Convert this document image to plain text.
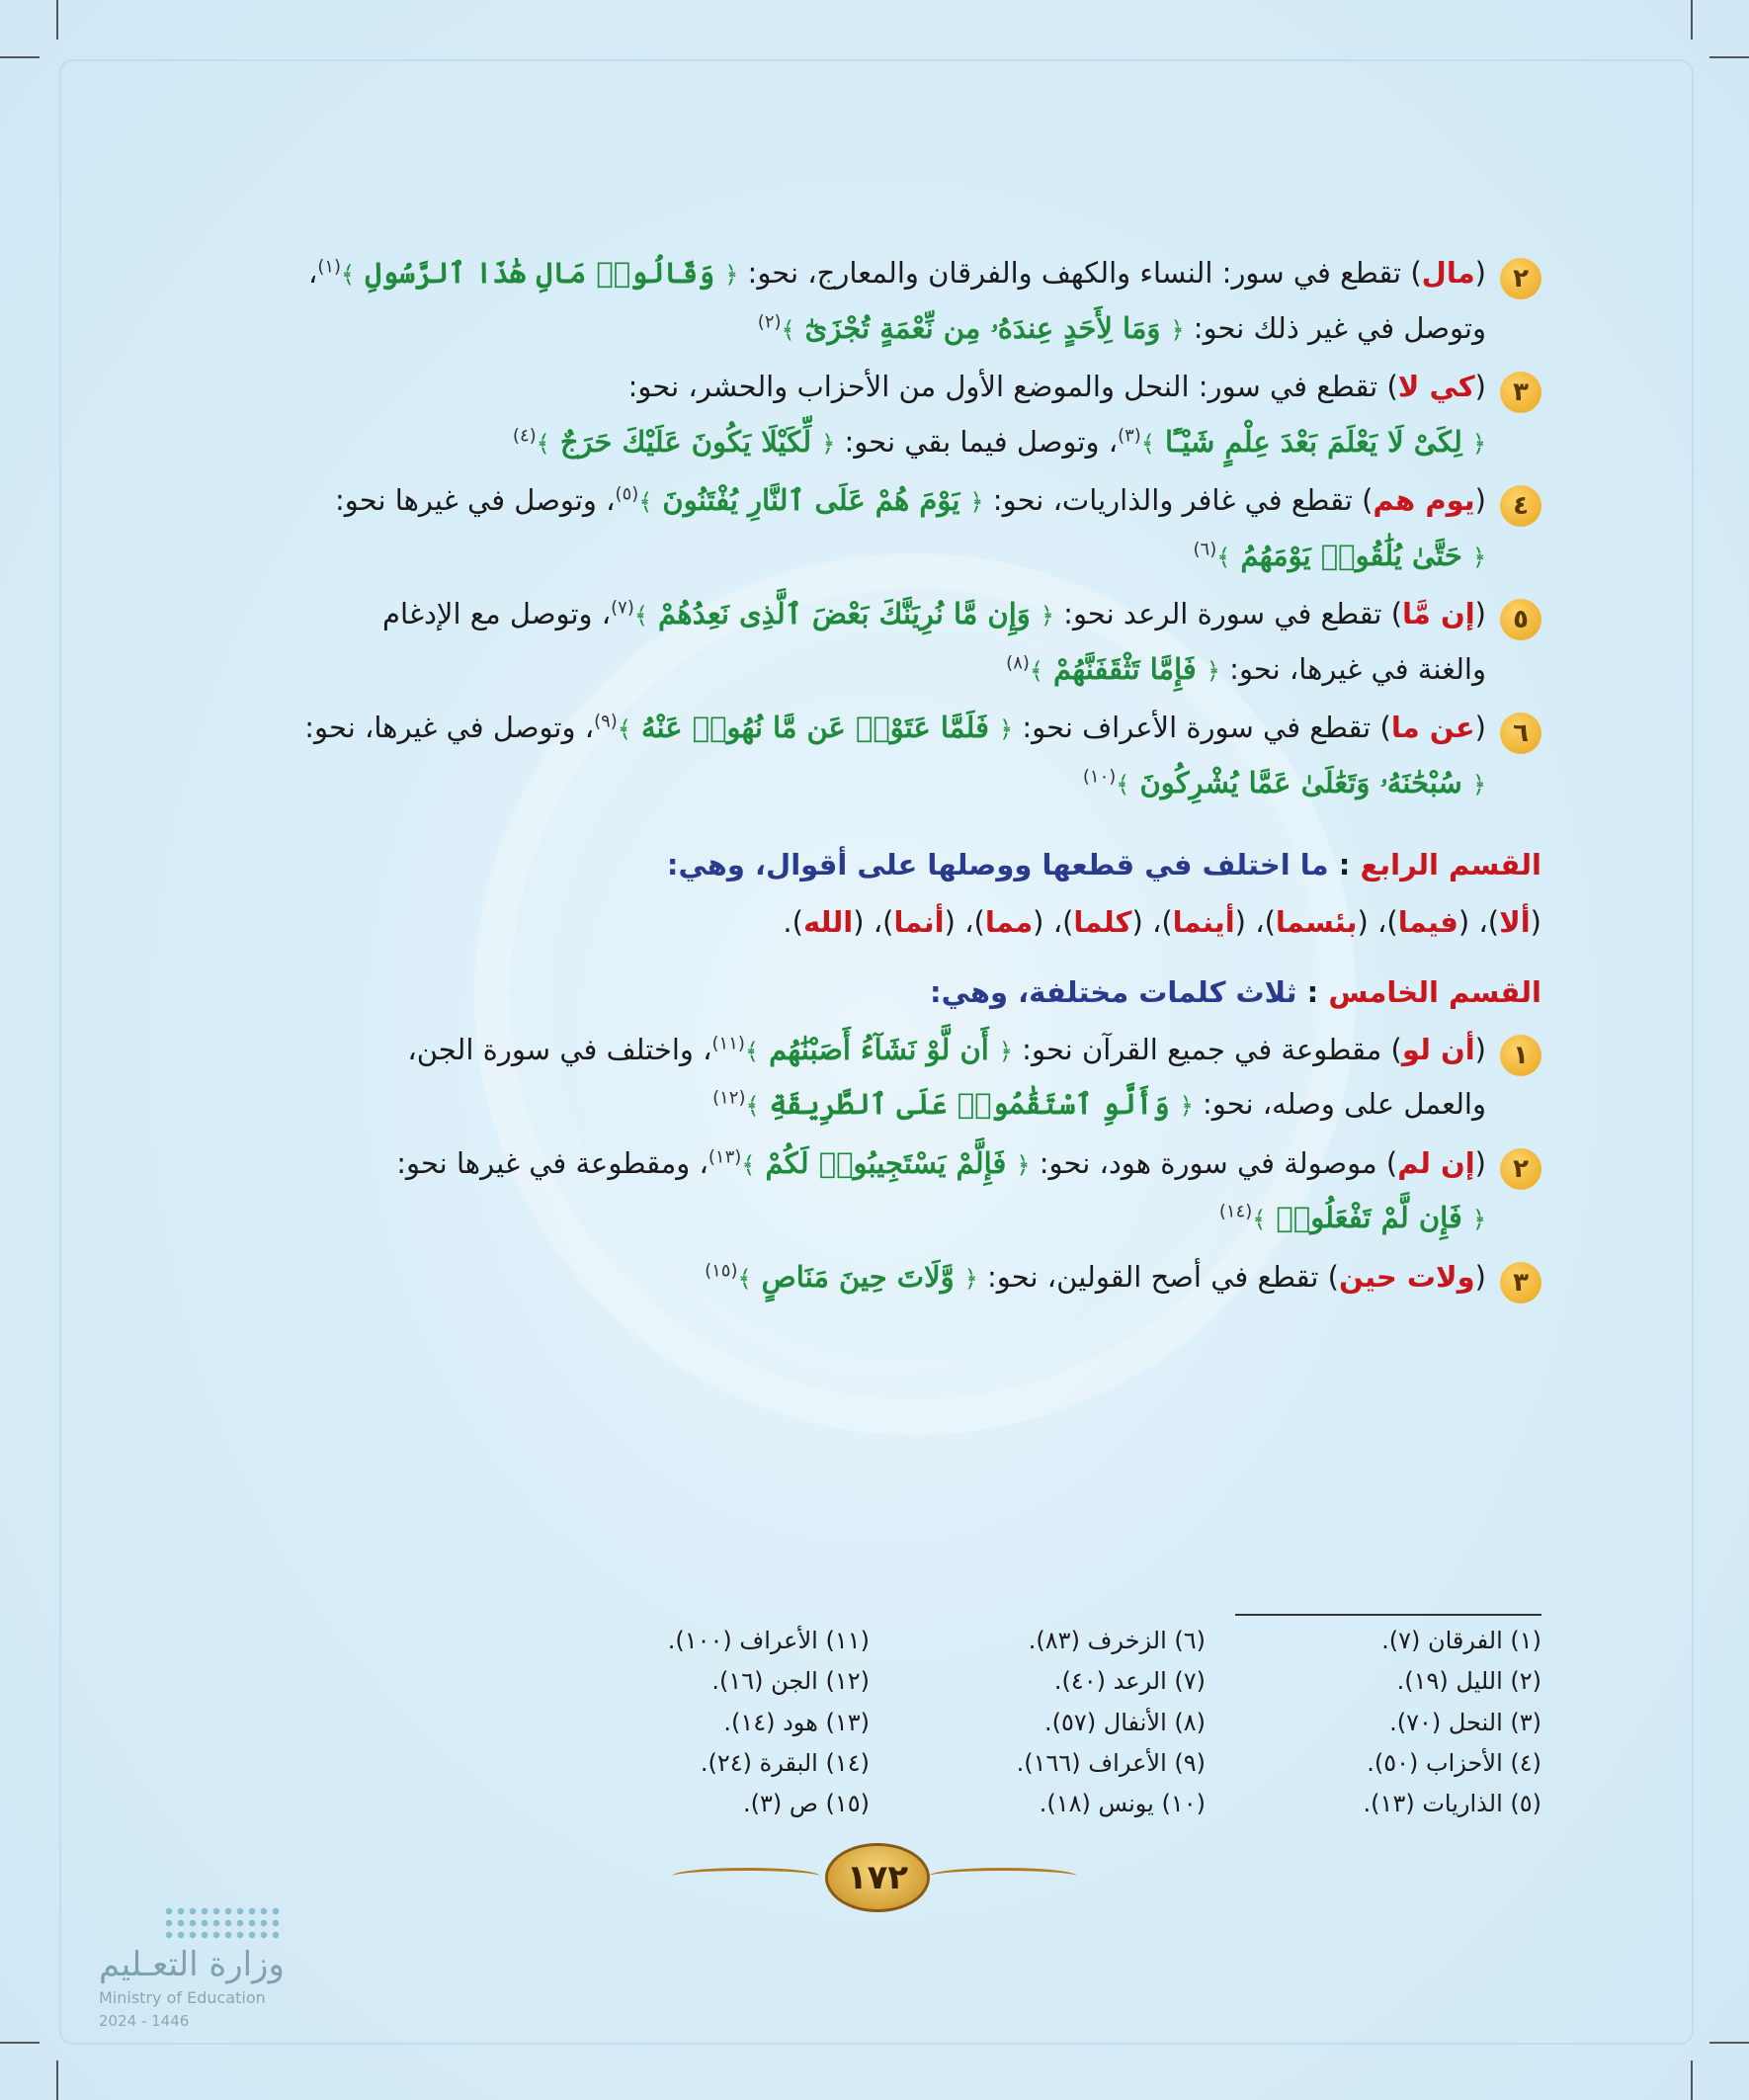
٢
(مال) تقطع في سور: النساء والكهف والفرقان والمعارج، نحو: ﴿ وَقَالُوا۟ مَالِ هَٰذَا ٱلرَّسُولِ ﴾$^{(١)}$،
وتوصل في غير ذلك نحو: ﴿ وَمَا لِأَحَدٍ عِندَهُۥ مِن نِّعْمَةٍ تُجْزَىٰٓ ﴾$^{(٢)}$
٣
(كي لا) تقطع في سور: النحل والموضع الأول من الأحزاب والحشر، نحو:
﴿ لِكَىْ لَا يَعْلَمَ بَعْدَ عِلْمٍ شَيْـًٔا ﴾$^{(٣)}$، وتوصل فيما بقي نحو: ﴿ لِّكَيْلَا يَكُونَ عَلَيْكَ حَرَجٌ ﴾$^{(٤)}$
٤
(يوم هم) تقطع في غافر والذاريات، نحو: ﴿ يَوْمَ هُمْ عَلَى ٱلنَّارِ يُفْتَنُونَ ﴾$^{(٥)}$، وتوصل في غيرها نحو:
﴿ حَتَّىٰ يُلَٰقُوا۟ يَوْمَهُمُ ﴾$^{(٦)}$
٥
(إن مَّا) تقطع في سورة الرعد نحو: ﴿ وَإِن مَّا نُرِيَنَّكَ بَعْضَ ٱلَّذِى نَعِدُهُمْ ﴾$^{(٧)}$، وتوصل مع الإدغام
والغنة في غيرها، نحو: ﴿ فَإِمَّا تَثْقَفَنَّهُمْ ﴾$^{(٨)}$
٦
(عن ما) تقطع في سورة الأعراف نحو: ﴿ فَلَمَّا عَتَوْا۟ عَن مَّا نُهُوا۟ عَنْهُ ﴾$^{(٩)}$، وتوصل في غيرها، نحو:
﴿ سُبْحَٰنَهُۥ وَتَعَٰلَىٰ عَمَّا يُشْرِكُونَ ﴾$^{(١٠)}$
القسم الرابع : ما اختلف في قطعها ووصلها على أقوال، وهي:
(ألا)، (فيما)، (بئسما)، (أينما)، (كلما)، (مما)، (أنما)، (الله).
القسم الخامس : ثلاث كلمات مختلفة، وهي:
١
(أن لو) مقطوعة في جميع القرآن نحو: ﴿ أَن لَّوْ نَشَآءُ أَصَبْنَٰهُم ﴾$^{(١١)}$، واختلف في سورة الجن،
والعمل على وصله، نحو: ﴿ وَأَلَّوِ ٱسْتَقَٰمُوا۟ عَلَى ٱلطَّرِيقَةِ ﴾$^{(١٢)}$
٢
(إن لم) موصولة في سورة هود، نحو: ﴿ فَإِلَّمْ يَسْتَجِيبُوا۟ لَكُمْ ﴾$^{(١٣)}$، ومقطوعة في غيرها نحو:
﴿ فَإِن لَّمْ تَفْعَلُوا۟ ﴾$^{(١٤)}$
٣
(ولات حين) تقطع في أصح القولين، نحو: ﴿ وَّلَاتَ حِينَ مَنَاصٍ ﴾$^{(١٥)}$
(١) الفرقان (٧).
(٢) الليل (١٩).
(٣) النحل (٧٠).
(٤) الأحزاب (٥٠).
(٥) الذاريات (١٣).
(٦) الزخرف (٨٣).
(٧) الرعد (٤٠).
(٨) الأنفال (٥٧).
(٩) الأعراف (١٦٦).
(١٠) يونس (١٨).
(١١) الأعراف (١٠٠).
(١٢) الجن (١٦).
(١٣) هود (١٤).
(١٤) البقرة (٢٤).
(١٥) ص (٣).
١٧٢
وزارة التعـليم
Ministry of Education
2024 - 1446
